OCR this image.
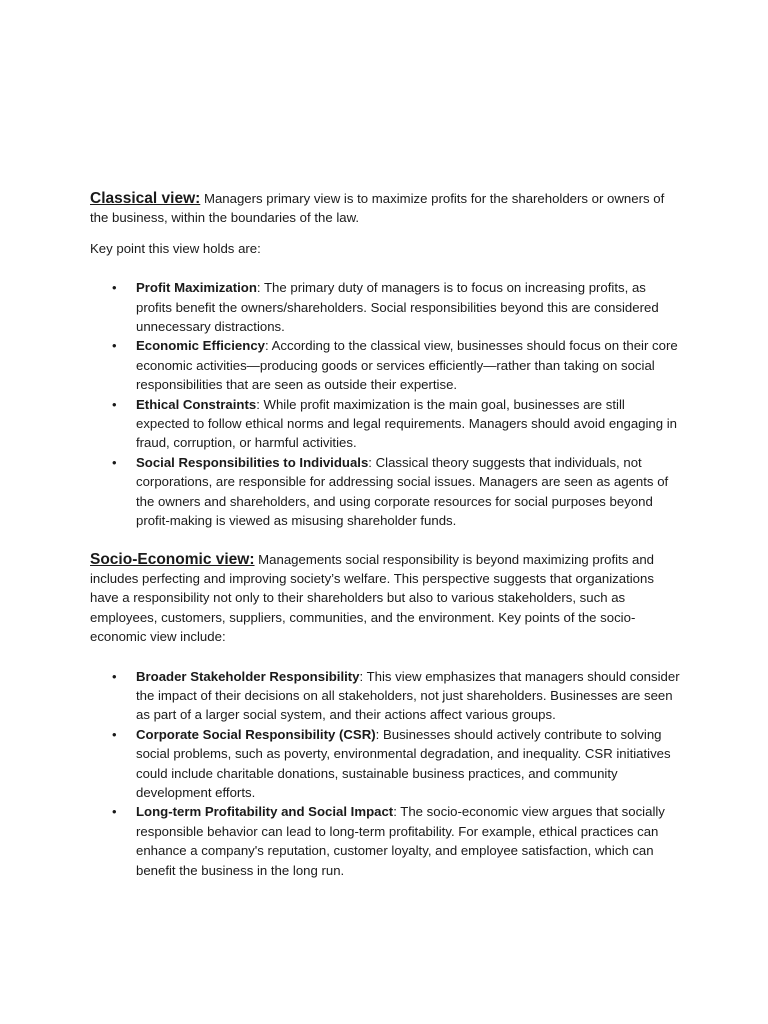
Classical view: Managers primary view is to maximize profits for the shareholders or owners of the business, within the boundaries of the law.

Key point this view holds are:

• Profit Maximization: The primary duty of managers is to focus on increasing profits, as profits benefit the owners/shareholders. Social responsibilities beyond this are considered unnecessary distractions.
• Economic Efficiency: According to the classical view, businesses should focus on their core economic activities—producing goods or services efficiently—rather than taking on social responsibilities that are seen as outside their expertise.
• Ethical Constraints: While profit maximization is the main goal, businesses are still expected to follow ethical norms and legal requirements. Managers should avoid engaging in fraud, corruption, or harmful activities.
• Social Responsibilities to Individuals: Classical theory suggests that individuals, not corporations, are responsible for addressing social issues. Managers are seen as agents of the owners and shareholders, and using corporate resources for social purposes beyond profit-making is viewed as misusing shareholder funds.

Socio-Economic view: Managements social responsibility is beyond maximizing profits and includes perfecting and improving society’s welfare. This perspective suggests that organizations have a responsibility not only to their shareholders but also to various stakeholders, such as employees, customers, suppliers, communities, and the environment. Key points of the socio-economic view include:

• Broader Stakeholder Responsibility: This view emphasizes that managers should consider the impact of their decisions on all stakeholders, not just shareholders. Businesses are seen as part of a larger social system, and their actions affect various groups.
• Corporate Social Responsibility (CSR): Businesses should actively contribute to solving social problems, such as poverty, environmental degradation, and inequality. CSR initiatives could include charitable donations, sustainable business practices, and community development efforts.
• Long-term Profitability and Social Impact: The socio-economic view argues that socially responsible behavior can lead to long-term profitability. For example, ethical practices can enhance a company's reputation, customer loyalty, and employee satisfaction, which can benefit the business in the long run.
